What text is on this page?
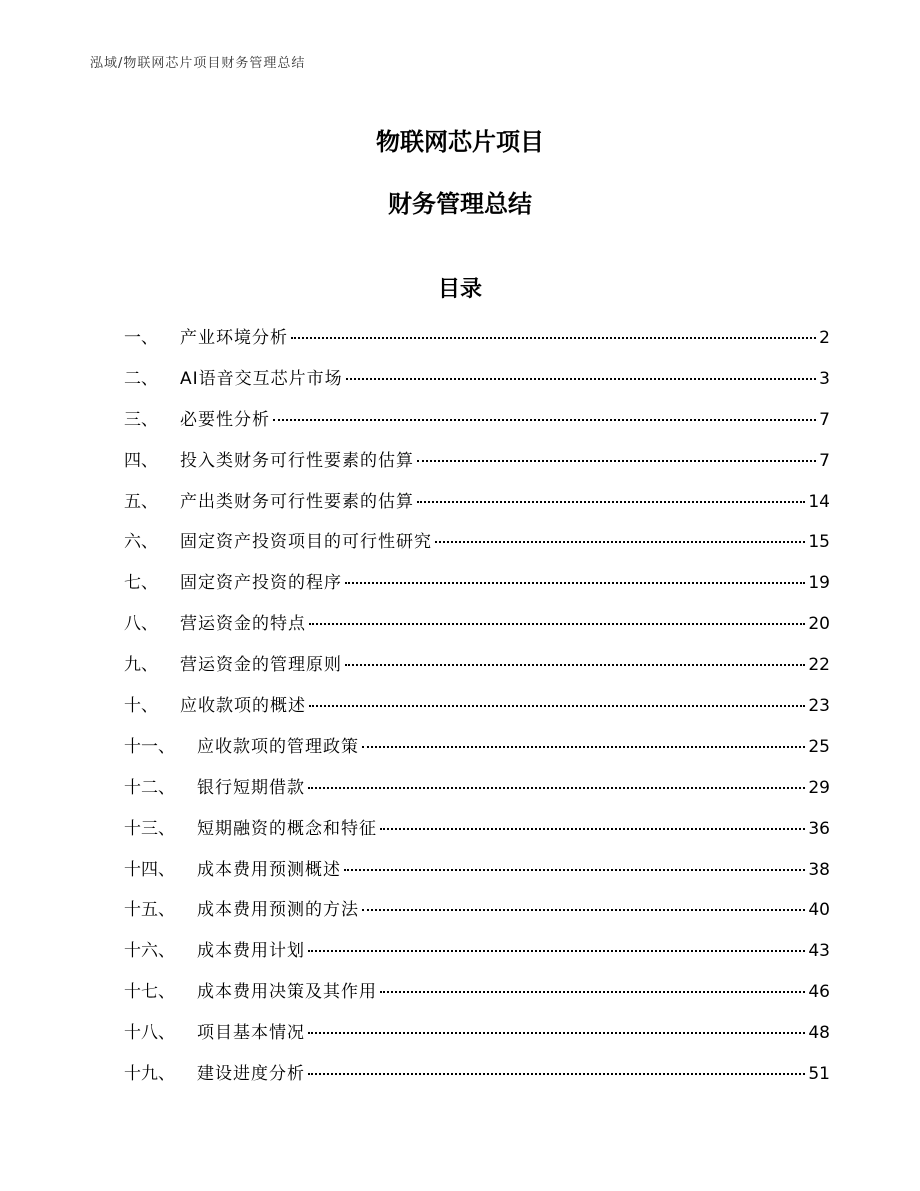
泓域/物联网芯片项目财务管理总结
物联网芯片项目
财务管理总结
目录
一、 产业环境分析	2
二、 AI语音交互芯片市场	3
三、 必要性分析	7
四、 投入类财务可行性要素的估算	7
五、 产出类财务可行性要素的估算	14
六、 固定资产投资项目的可行性研究	15
七、 固定资产投资的程序	19
八、 营运资金的特点	20
九、 营运资金的管理原则	22
十、 应收款项的概述	23
十一、 应收款项的管理政策	25
十二、 银行短期借款	29
十三、 短期融资的概念和特征	36
十四、 成本费用预测概述	38
十五、 成本费用预测的方法	40
十六、 成本费用计划	43
十七、 成本费用决策及其作用	46
十八、 项目基本情况	48
十九、 建设进度分析	51
